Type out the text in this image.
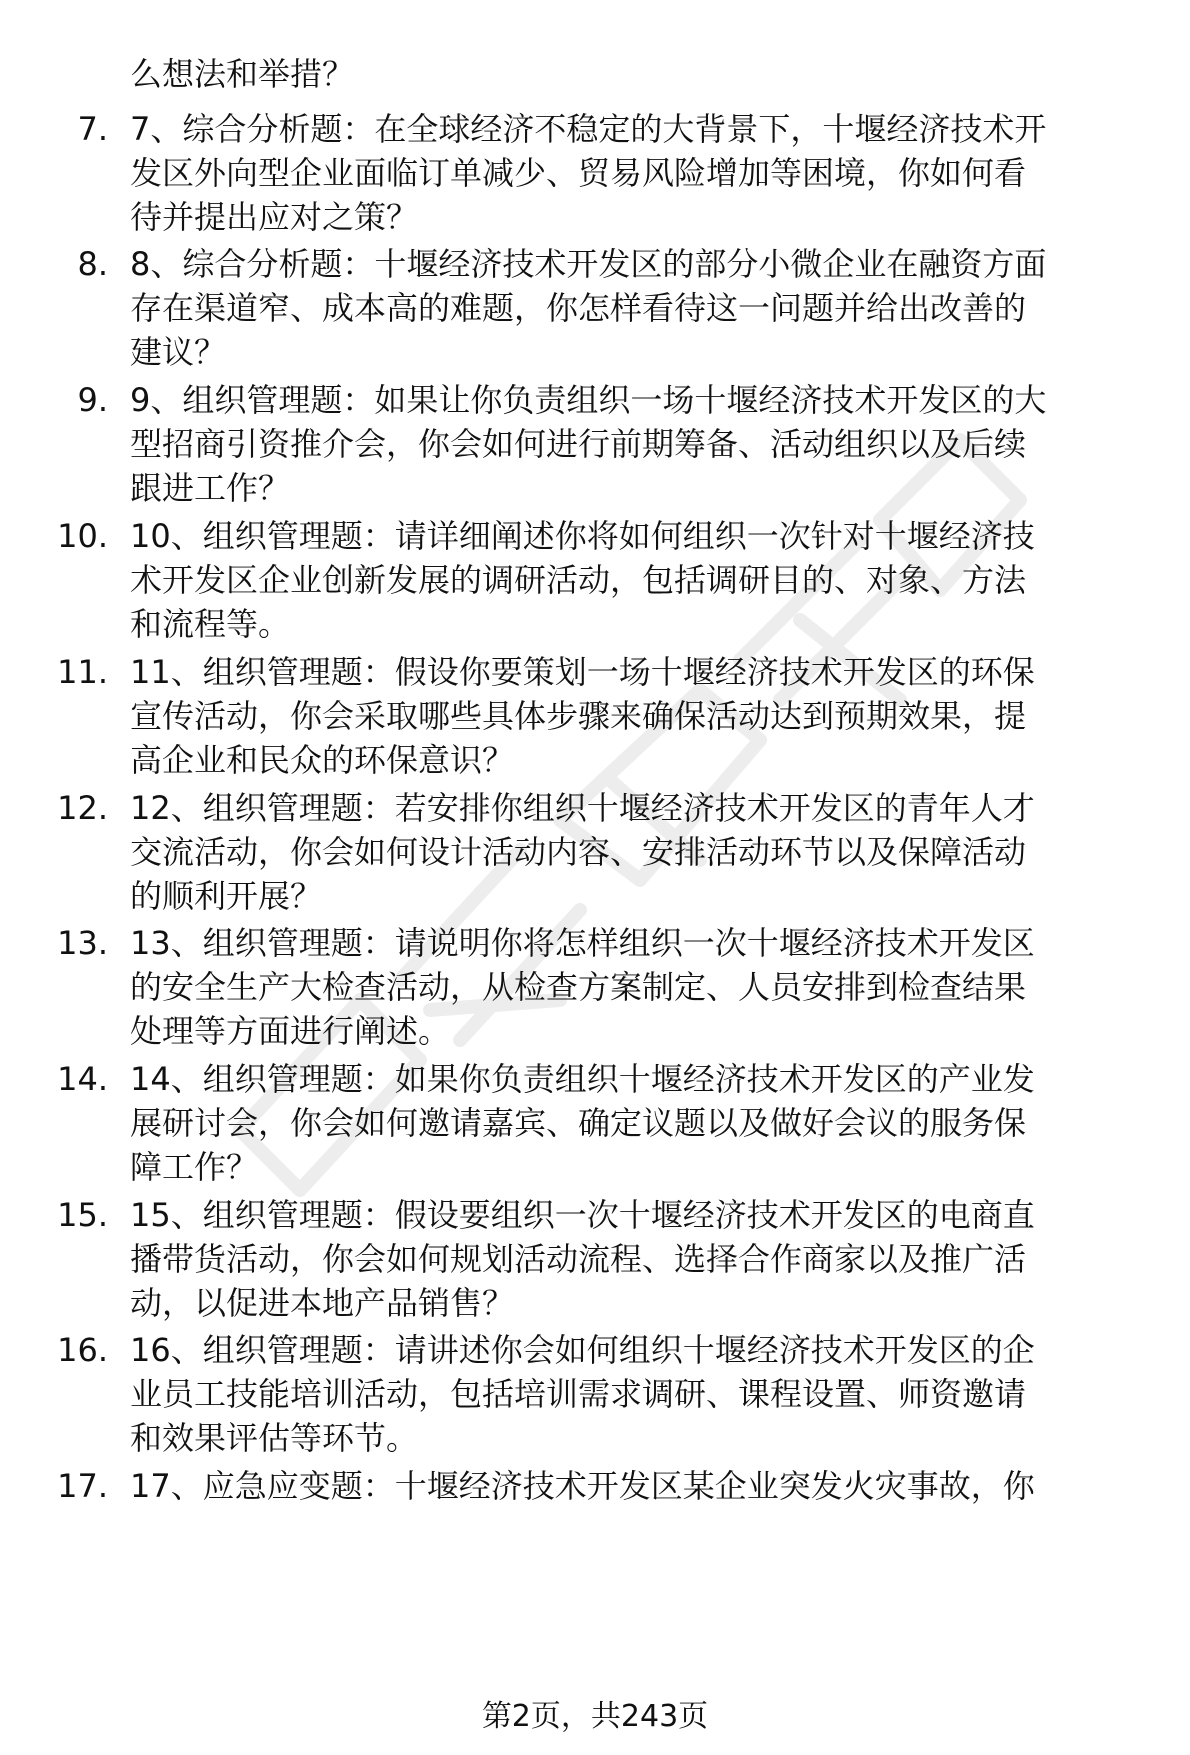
么想法和举措？
7. 7、综合分析题：在全球经济不稳定的大背景下，十堰经济技术开
发区外向型企业面临订单减少、贸易风险增加等困境，你如何看
待并提出应对之策？
8. 8、综合分析题：十堰经济技术开发区的部分小微企业在融资方面
存在渠道窄、成本高的难题，你怎样看待这一问题并给出改善的
建议？
9. 9、组织管理题：如果让你负责组织一场十堰经济技术开发区的大
型招商引资推介会，你会如何进行前期筹备、活动组织以及后续
跟进工作？
10. 10、组织管理题：请详细阐述你将如何组织一次针对十堰经济技
术开发区企业创新发展的调研活动，包括调研目的、对象、方法
和流程等。
11. 11、组织管理题：假设你要策划一场十堰经济技术开发区的环保
宣传活动，你会采取哪些具体步骤来确保活动达到预期效果，提
高企业和民众的环保意识？
12. 12、组织管理题：若安排你组织十堰经济技术开发区的青年人才
交流活动，你会如何设计活动内容、安排活动环节以及保障活动
的顺利开展？
13. 13、组织管理题：请说明你将怎样组织一次十堰经济技术开发区
的安全生产大检查活动，从检查方案制定、人员安排到检查结果
处理等方面进行阐述。
14. 14、组织管理题：如果你负责组织十堰经济技术开发区的产业发
展研讨会，你会如何邀请嘉宾、确定议题以及做好会议的服务保
障工作？
15. 15、组织管理题：假设要组织一次十堰经济技术开发区的电商直
播带货活动，你会如何规划活动流程、选择合作商家以及推广活
动，以促进本地产品销售？
16. 16、组织管理题：请讲述你会如何组织十堰经济技术开发区的企
业员工技能培训活动，包括培训需求调研、课程设置、师资邀请
和效果评估等环节。
17. 17、应急应变题：十堰经济技术开发区某企业突发火灾事故，你
第2页，共243页
